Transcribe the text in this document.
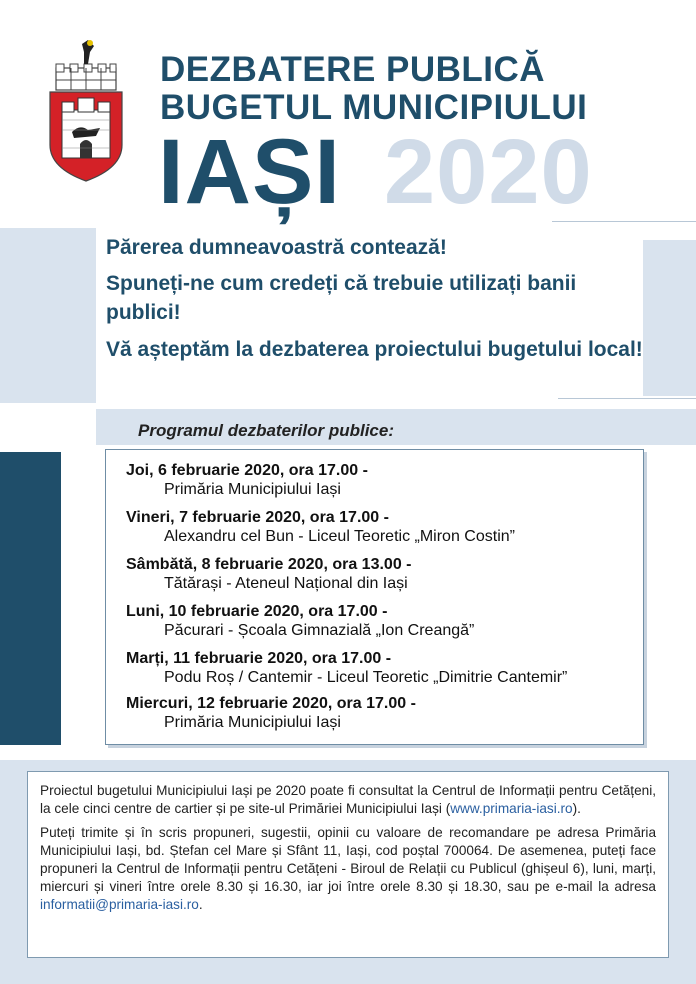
DEZBATERE PUBLICĂ
BUGETUL MUNICIPIULUI
IAȘI 2020
Părerea dumneavoastră contează!
Spuneți-ne cum credeți că trebuie utilizați banii publici!
Vă așteptăm la dezbaterea proiectului bugetului local!
Programul dezbaterilor publice:
Joi, 6 februarie 2020, ora 17.00 -
Primăria Municipiului Iași
Vineri, 7 februarie 2020, ora 17.00 -
Alexandru cel Bun - Liceul Teoretic „Miron Costin”
Sâmbătă, 8 februarie 2020, ora 13.00 -
Tătărași - Ateneul Național din Iași
Luni, 10 februarie 2020, ora 17.00 -
Păcurari - Școala Gimnazială „Ion Creangă”
Marți, 11 februarie 2020, ora 17.00 -
Podu Roș / Cantemir - Liceul Teoretic „Dimitrie Cantemir”
Miercuri, 12 februarie 2020, ora 17.00 -
Primăria Municipiului Iași

Proiectul bugetului Municipiului Iași pe 2020 poate fi consultat la Centrul de Informații pentru Cetățeni, la cele cinci centre de cartier și pe site-ul Primăriei Municipiului Iași (www.primaria-iasi.ro).

Puteți trimite și în scris propuneri, sugestii, opinii cu valoare de recomandare pe adresa Primăria Municipiului Iași, bd. Ștefan cel Mare și Sfânt 11, Iași, cod poștal 700064. De asemenea, puteți face propuneri la Centrul de Informații pentru Cetățeni - Biroul de Relații cu Publicul (ghișeul 6), luni, marți, miercuri și vineri între orele 8.30 și 16.30, iar joi între orele 8.30 și 18.30, sau pe e-mail la adresa informatii@primaria-iasi.ro.
